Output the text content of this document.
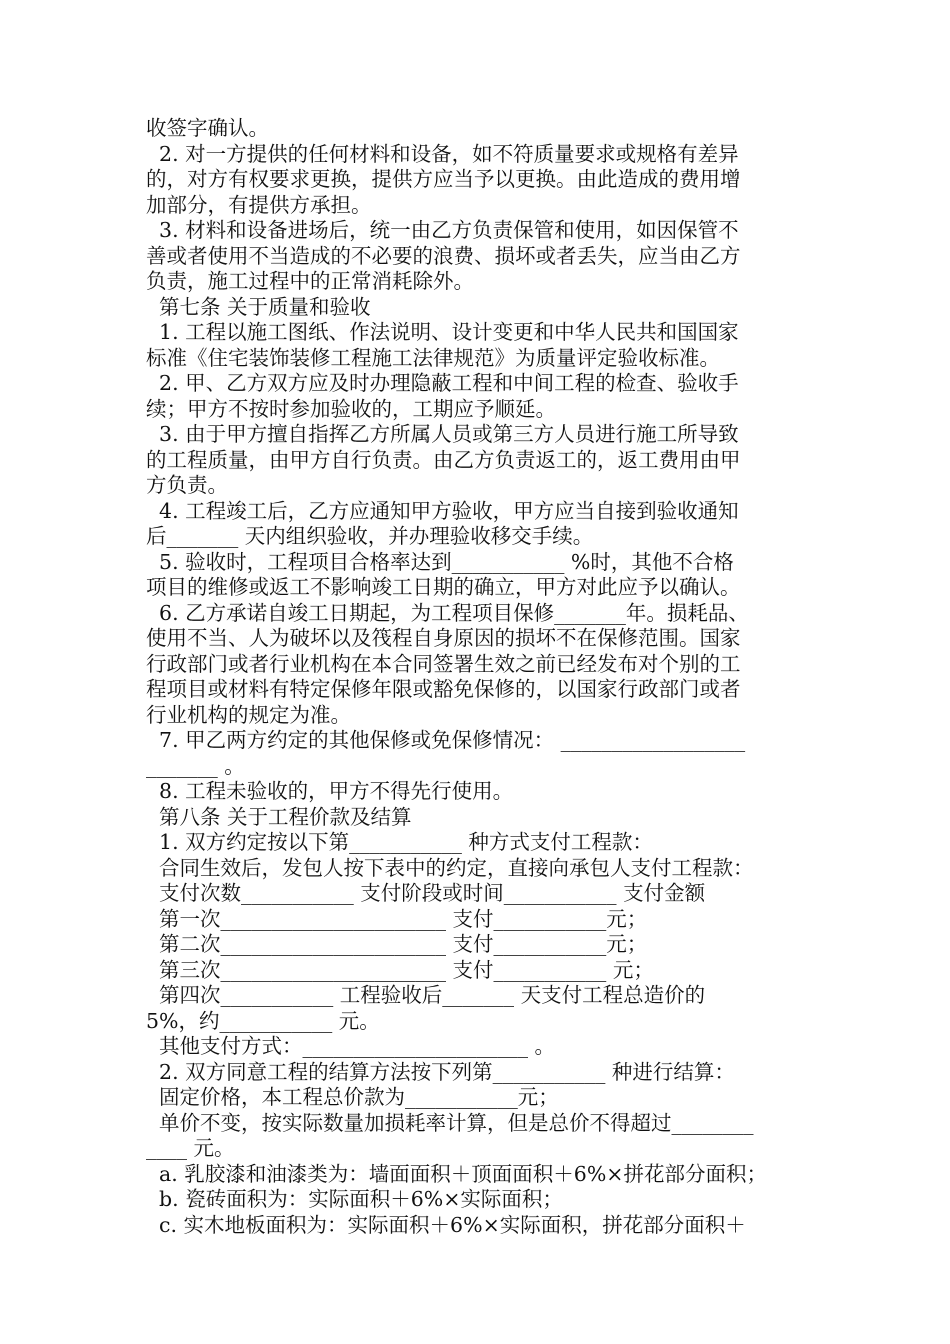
收签字确认。
2. 对一方提供的任何材料和设备，如不符质量要求或规格有差异
的，对方有权要求更换，提供方应当予以更换。由此造成的费用增
加部分，有提供方承担。
3. 材料和设备进场后，统一由乙方负责保管和使用，如因保管不
善或者使用不当造成的不必要的浪费、损坏或者丢失，应当由乙方
负责，施工过程中的正常消耗除外。
第七条 关于质量和验收
1. 工程以施工图纸、作法说明、设计变更和中华人民共和国国家
标准《住宅装饰装修工程施工法律规范》为质量评定验收标准。
2. 甲、乙方双方应及时办理隐蔽工程和中间工程的检查、验收手
续；甲方不按时参加验收的，工期应予顺延。
3. 由于甲方擅自指挥乙方所属人员或第三方人员进行施工所导致
的工程质量，由甲方自行负责。由乙方负责返工的，返工费用由甲
方负责。
4. 工程竣工后，乙方应通知甲方验收，甲方应当自接到验收通知
后_______ 天内组织验收，并办理验收移交手续。
5. 验收时，工程项目合格率达到___________ %时，其他不合格
项目的维修或返工不影响竣工日期的确立，甲方对此应予以确认。
6. 乙方承诺自竣工日期起，为工程项目保修_______年。损耗品、
使用不当、人为破坏以及筏程自身原因的损坏不在保修范围。国家
行政部门或者行业机构在本合同签署生效之前已经发布对个别的工
程项目或材料有特定保修年限或豁免保修的，以国家行政部门或者
行业机构的规定为准。
7. 甲乙两方约定的其他保修或免保修情况： __________________
_______ 。
8. 工程未验收的，甲方不得先行使用。
第八条 关于工程价款及结算
1. 双方约定按以下第___________ 种方式支付工程款：
合同生效后，发包人按下表中的约定，直接向承包人支付工程款：
支付次数___________ 支付阶段或时间___________ 支付金额
第一次______________________ 支付___________元；
第二次______________________ 支付___________元；
第三次______________________ 支付___________ 元；
第四次___________ 工程验收后_______ 天支付工程总造价的
5%，约___________ 元。
其他支付方式：______________________ 。
2. 双方同意工程的结算方法按下列第___________ 种进行结算：
固定价格，本工程总价款为___________元；
单价不变，按实际数量加损耗率计算，但是总价不得超过________
____ 元。
a. 乳胶漆和油漆类为：墙面面积＋顶面面积＋6%×拼花部分面积；
b. 瓷砖面积为：实际面积＋6%×实际面积；
c. 实木地板面积为：实际面积＋6%×实际面积，拼花部分面积＋
